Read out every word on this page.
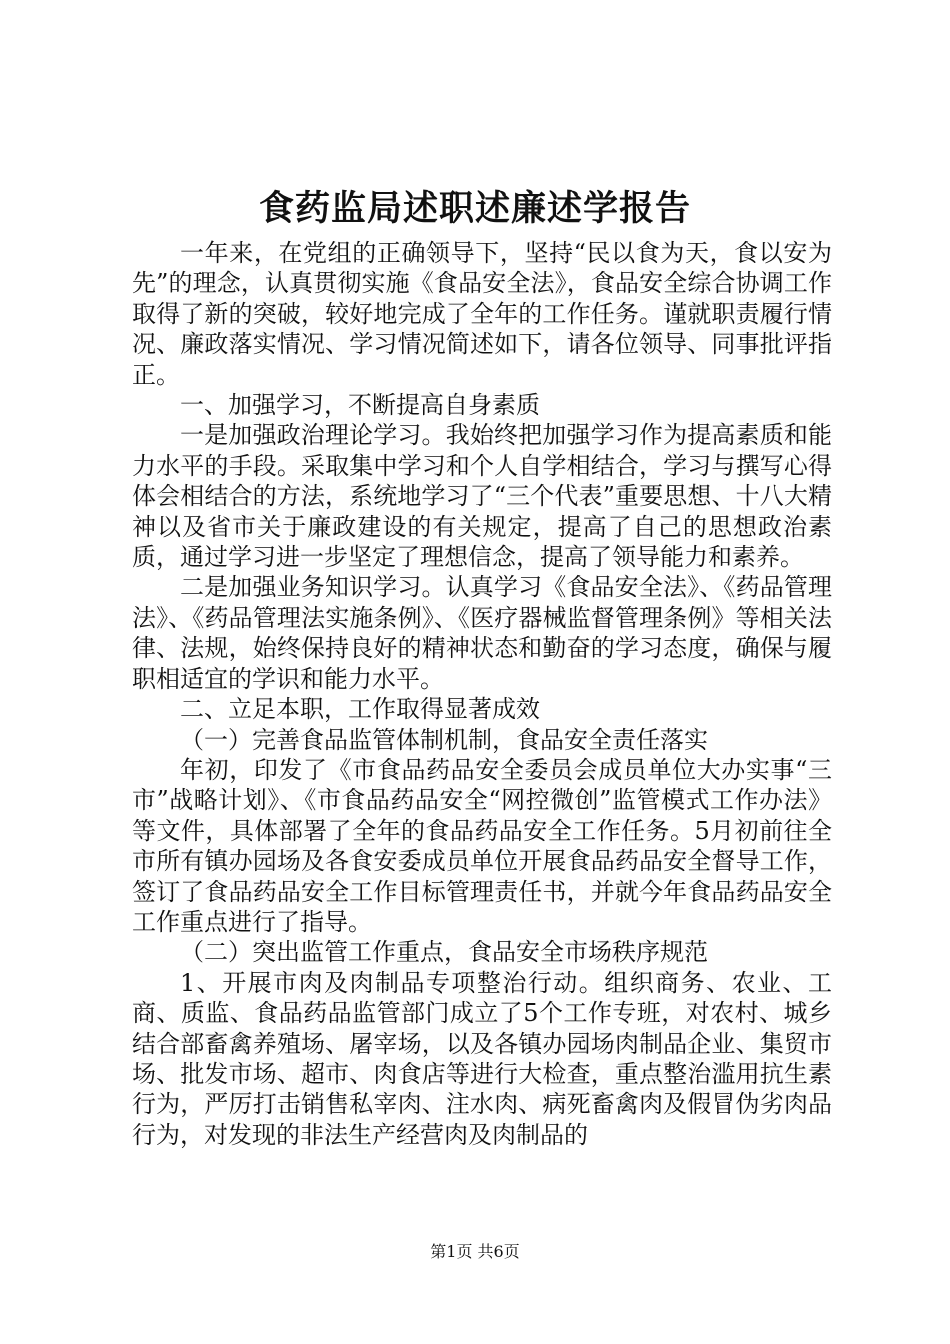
食药监局述职述廉述学报告

一年来，在党组的正确领导下，坚持“民以食为天，食以安为先”的理念，认真贯彻实施《食品安全法》，食品安全综合协调工作取得了新的突破，较好地完成了全年的工作任务。谨就职责履行情况、廉政落实情况、学习情况简述如下，请各位领导、同事批评指正。

一、加强学习，不断提高自身素质

一是加强政治理论学习。我始终把加强学习作为提高素质和能力水平的手段。采取集中学习和个人自学相结合，学习与撰写心得体会相结合的方法，系统地学习了“三个代表”重要思想、十八大精神以及省市关于廉政建设的有关规定，提高了自己的思想政治素质，通过学习进一步坚定了理想信念，提高了领导能力和素养。

二是加强业务知识学习。认真学习《食品安全法》、《药品管理法》、《药品管理法实施条例》、《医疗器械监督管理条例》等相关法律、法规，始终保持良好的精神状态和勤奋的学习态度，确保与履职相适宜的学识和能力水平。

二、立足本职，工作取得显著成效

（一）完善食品监管体制机制，食品安全责任落实

年初，印发了《市食品药品安全委员会成员单位大办实事“三市”战略计划》、《市食品药品安全“网控微创”监管模式工作办法》等文件，具体部署了全年的食品药品安全工作任务。5月初前往全市所有镇办园场及各食安委成员单位开展食品药品安全督导工作，签订了食品药品安全工作目标管理责任书，并就今年食品药品安全工作重点进行了指导。

（二）突出监管工作重点，食品安全市场秩序规范

1、开展市肉及肉制品专项整治行动。组织商务、农业、工商、质监、食品药品监管部门成立了5个工作专班，对农村、城乡结合部畜禽养殖场、屠宰场，以及各镇办园场肉制品企业、集贸市场、批发市场、超市、肉食店等进行大检查，重点整治滥用抗生素行为，严厉打击销售私宰肉、注水肉、病死畜禽肉及假冒伪劣肉品行为，对发现的非法生产经营肉及肉制品的

第1页 共6页
